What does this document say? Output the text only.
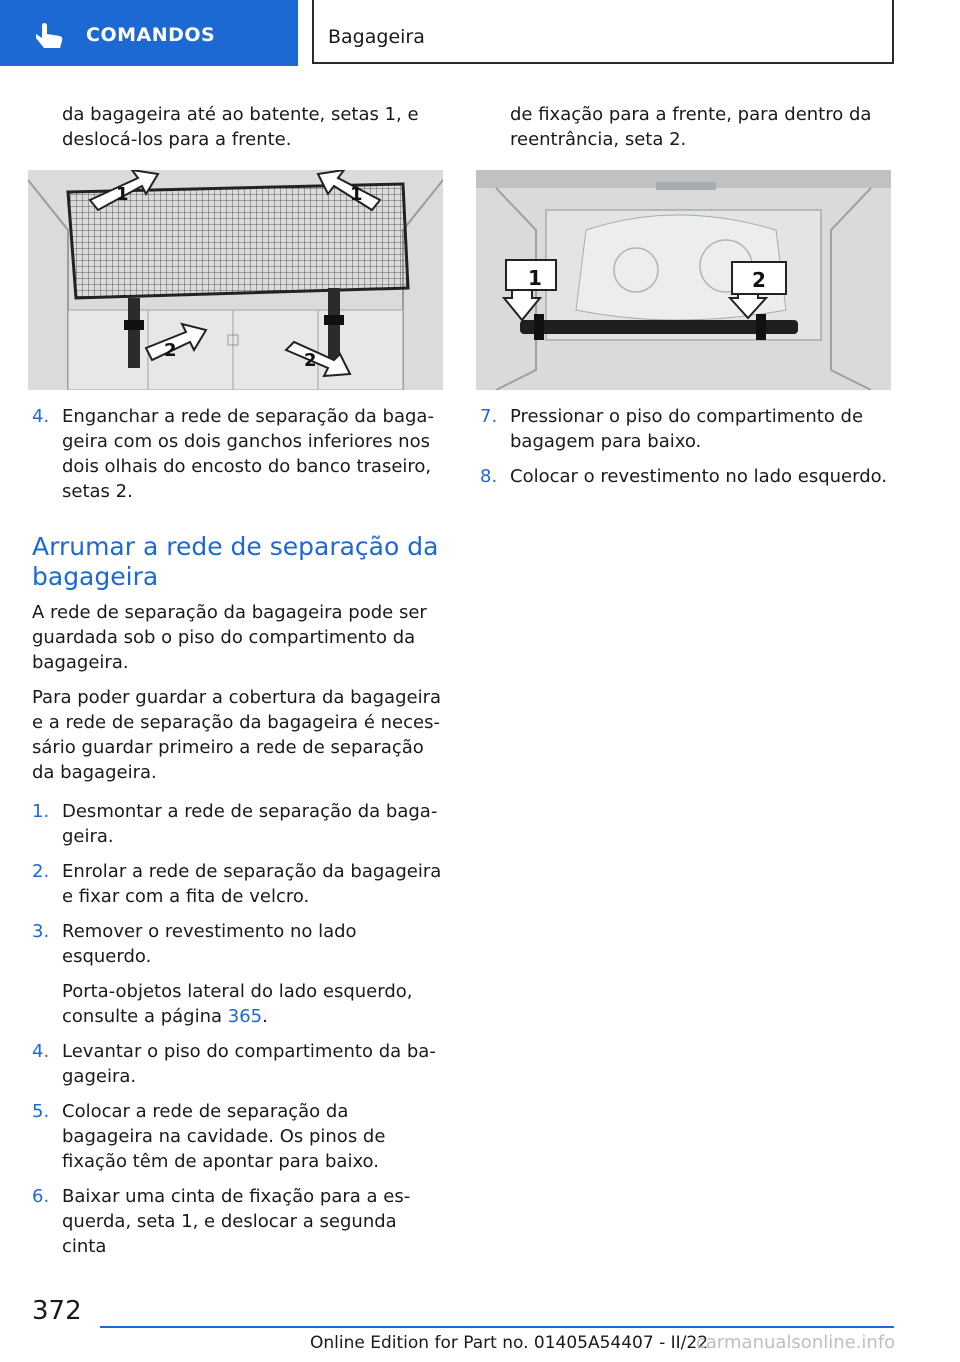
COMANDOS	Bagageira

da bagageira até ao batente, setas 1, e deslocá-los para a frente.

1	1
2	2
4. Enganchar a rede de separação da bagageira com os dois ganchos inferiores nos dois olhais do encosto do banco traseiro, setas 2.

Arrumar a rede de separação da bagageira

A rede de separação da bagageira pode ser guardada sob o piso do compartimento da bagageira.

Para poder guardar a cobertura da bagageira e a rede de separação da bagageira é necessário guardar primeiro a rede de separação da bagageira.

1. Desmontar a rede de separação da bagageira.

2. Enrolar a rede de separação da bagageira e fixar com a fita de velcro.

3. Remover o revestimento no lado esquerdo.

Porta-objetos lateral do lado esquerdo, consulte a página 365.

4. Levantar o piso do compartimento da bagageira.

5. Colocar a rede de separação da bagageira na cavidade. Os pinos de fixação têm de apontar para baixo.

6. Baixar uma cinta de fixação para a esquerda, seta 1, e deslocar a segunda cinta

de fixação para a frente, para dentro da reentrância, seta 2.

1	2
7. Pressionar o piso do compartimento de bagagem para baixo.

8. Colocar o revestimento no lado esquerdo.

372
Online Edition for Part no. 01405A54407 - II/22
carmanualsonline.info
